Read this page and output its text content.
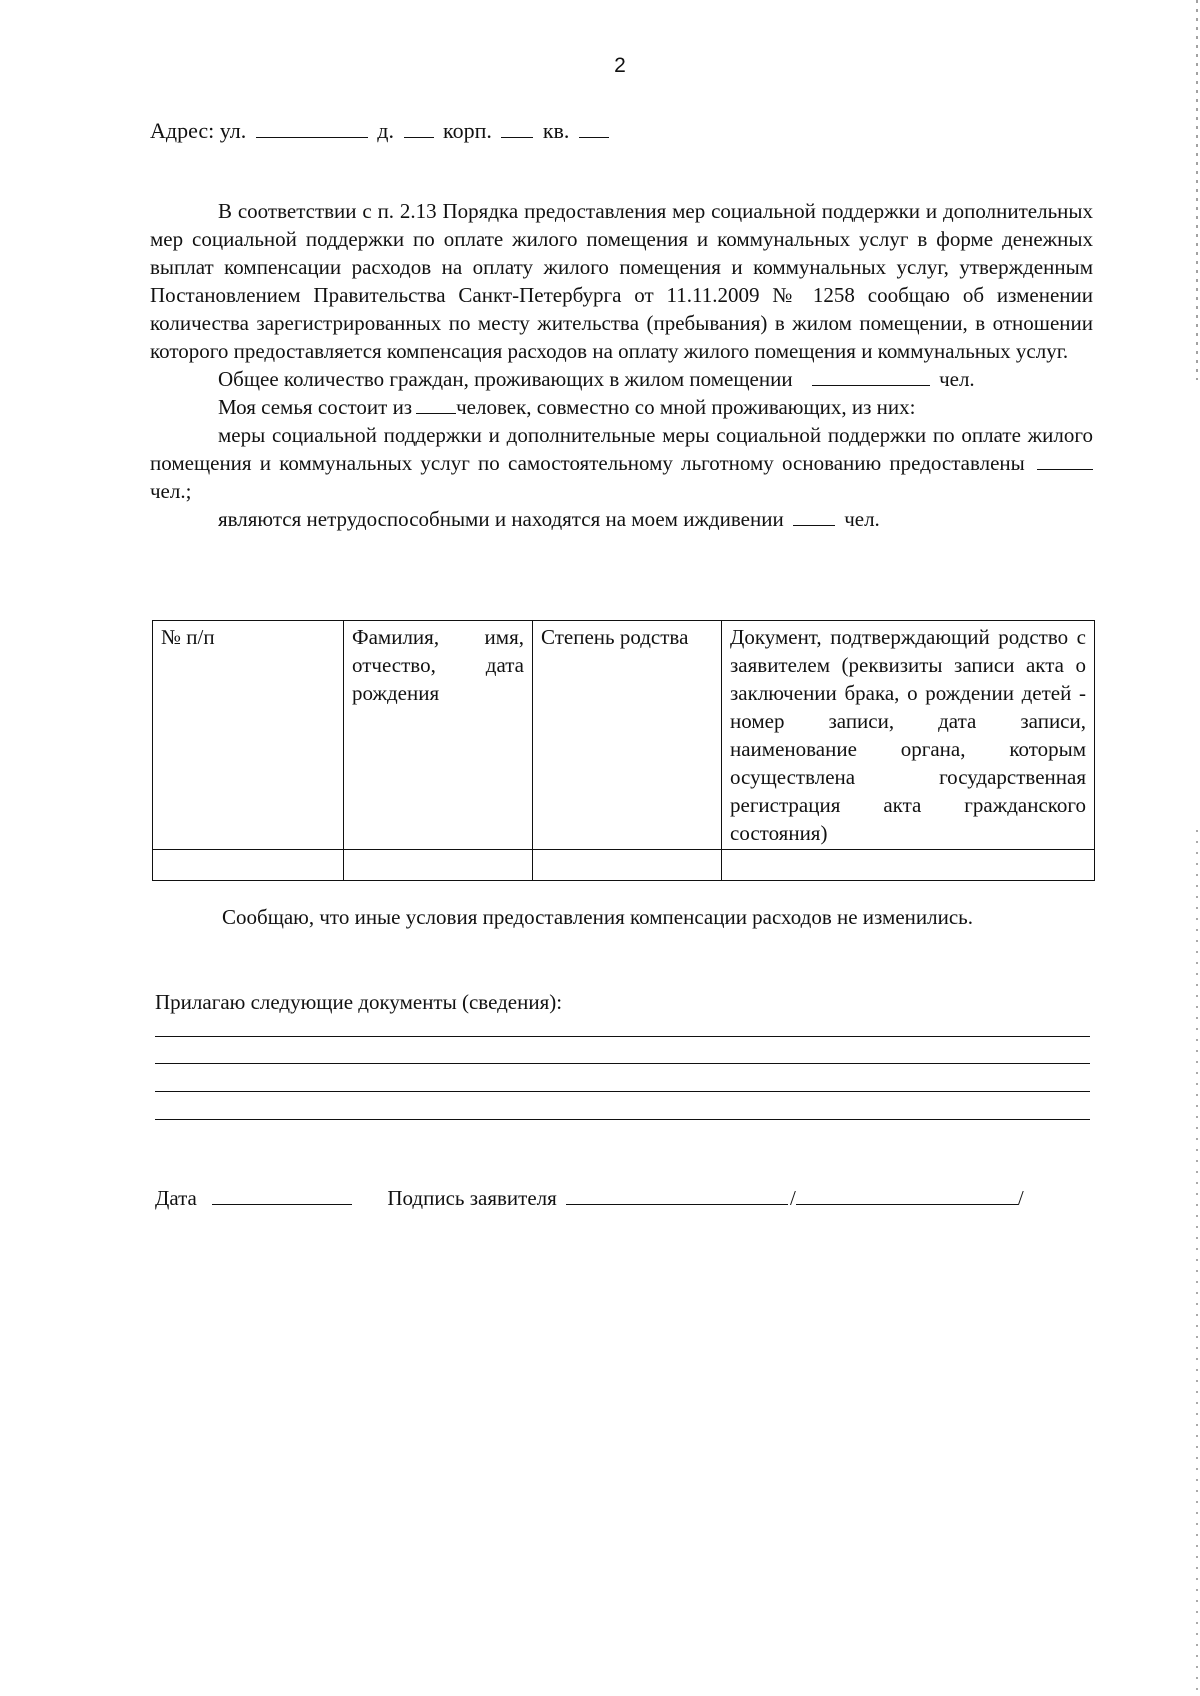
2
Адрес: ул.	д. корп. кв.

В соответствии с п. 2.13 Порядка предоставления мер социальной поддержки и дополнительных мер социальной поддержки по оплате жилого помещения и коммунальных услуг в форме денежных выплат компенсации расходов на оплату жилого помещения и коммунальных услуг, утвержденным Постановлением Правительства Санкт-Петербурга от 11.11.2009 № 1258 сообщаю об изменении количества зарегистрированных по месту жительства (пребывания) в жилом помещении, в отношении которого предоставляется компенсация расходов на оплату жилого помещения и коммунальных услуг.

Общее количество граждан, проживающих в жилом помещении	чел.

Моя семья состоит из человек, совместно со мной проживающих, из них:

меры социальной поддержки и дополнительные меры социальной поддержки по оплате жилого помещения и коммунальных услуг по самостоятельному льготному основанию предоставлены чел.;

являются нетрудоспособными и находятся на моем иждивении	чел.

№ п/п	Фамилия, имя, отчество, дата рождения	Степень родства	Документ, подтверждающий родство с заявителем (реквизиты записи акта о заключении брака, о рождении детей - номер записи, дата записи, наименование органа, которым осуществлена государственная регистрация акта гражданского состояния)

Сообщаю, что иные условия предоставления компенсации расходов не изменились.
Прилагаю следующие документы (сведения):
Дата	Подпись заявителя	/	/
